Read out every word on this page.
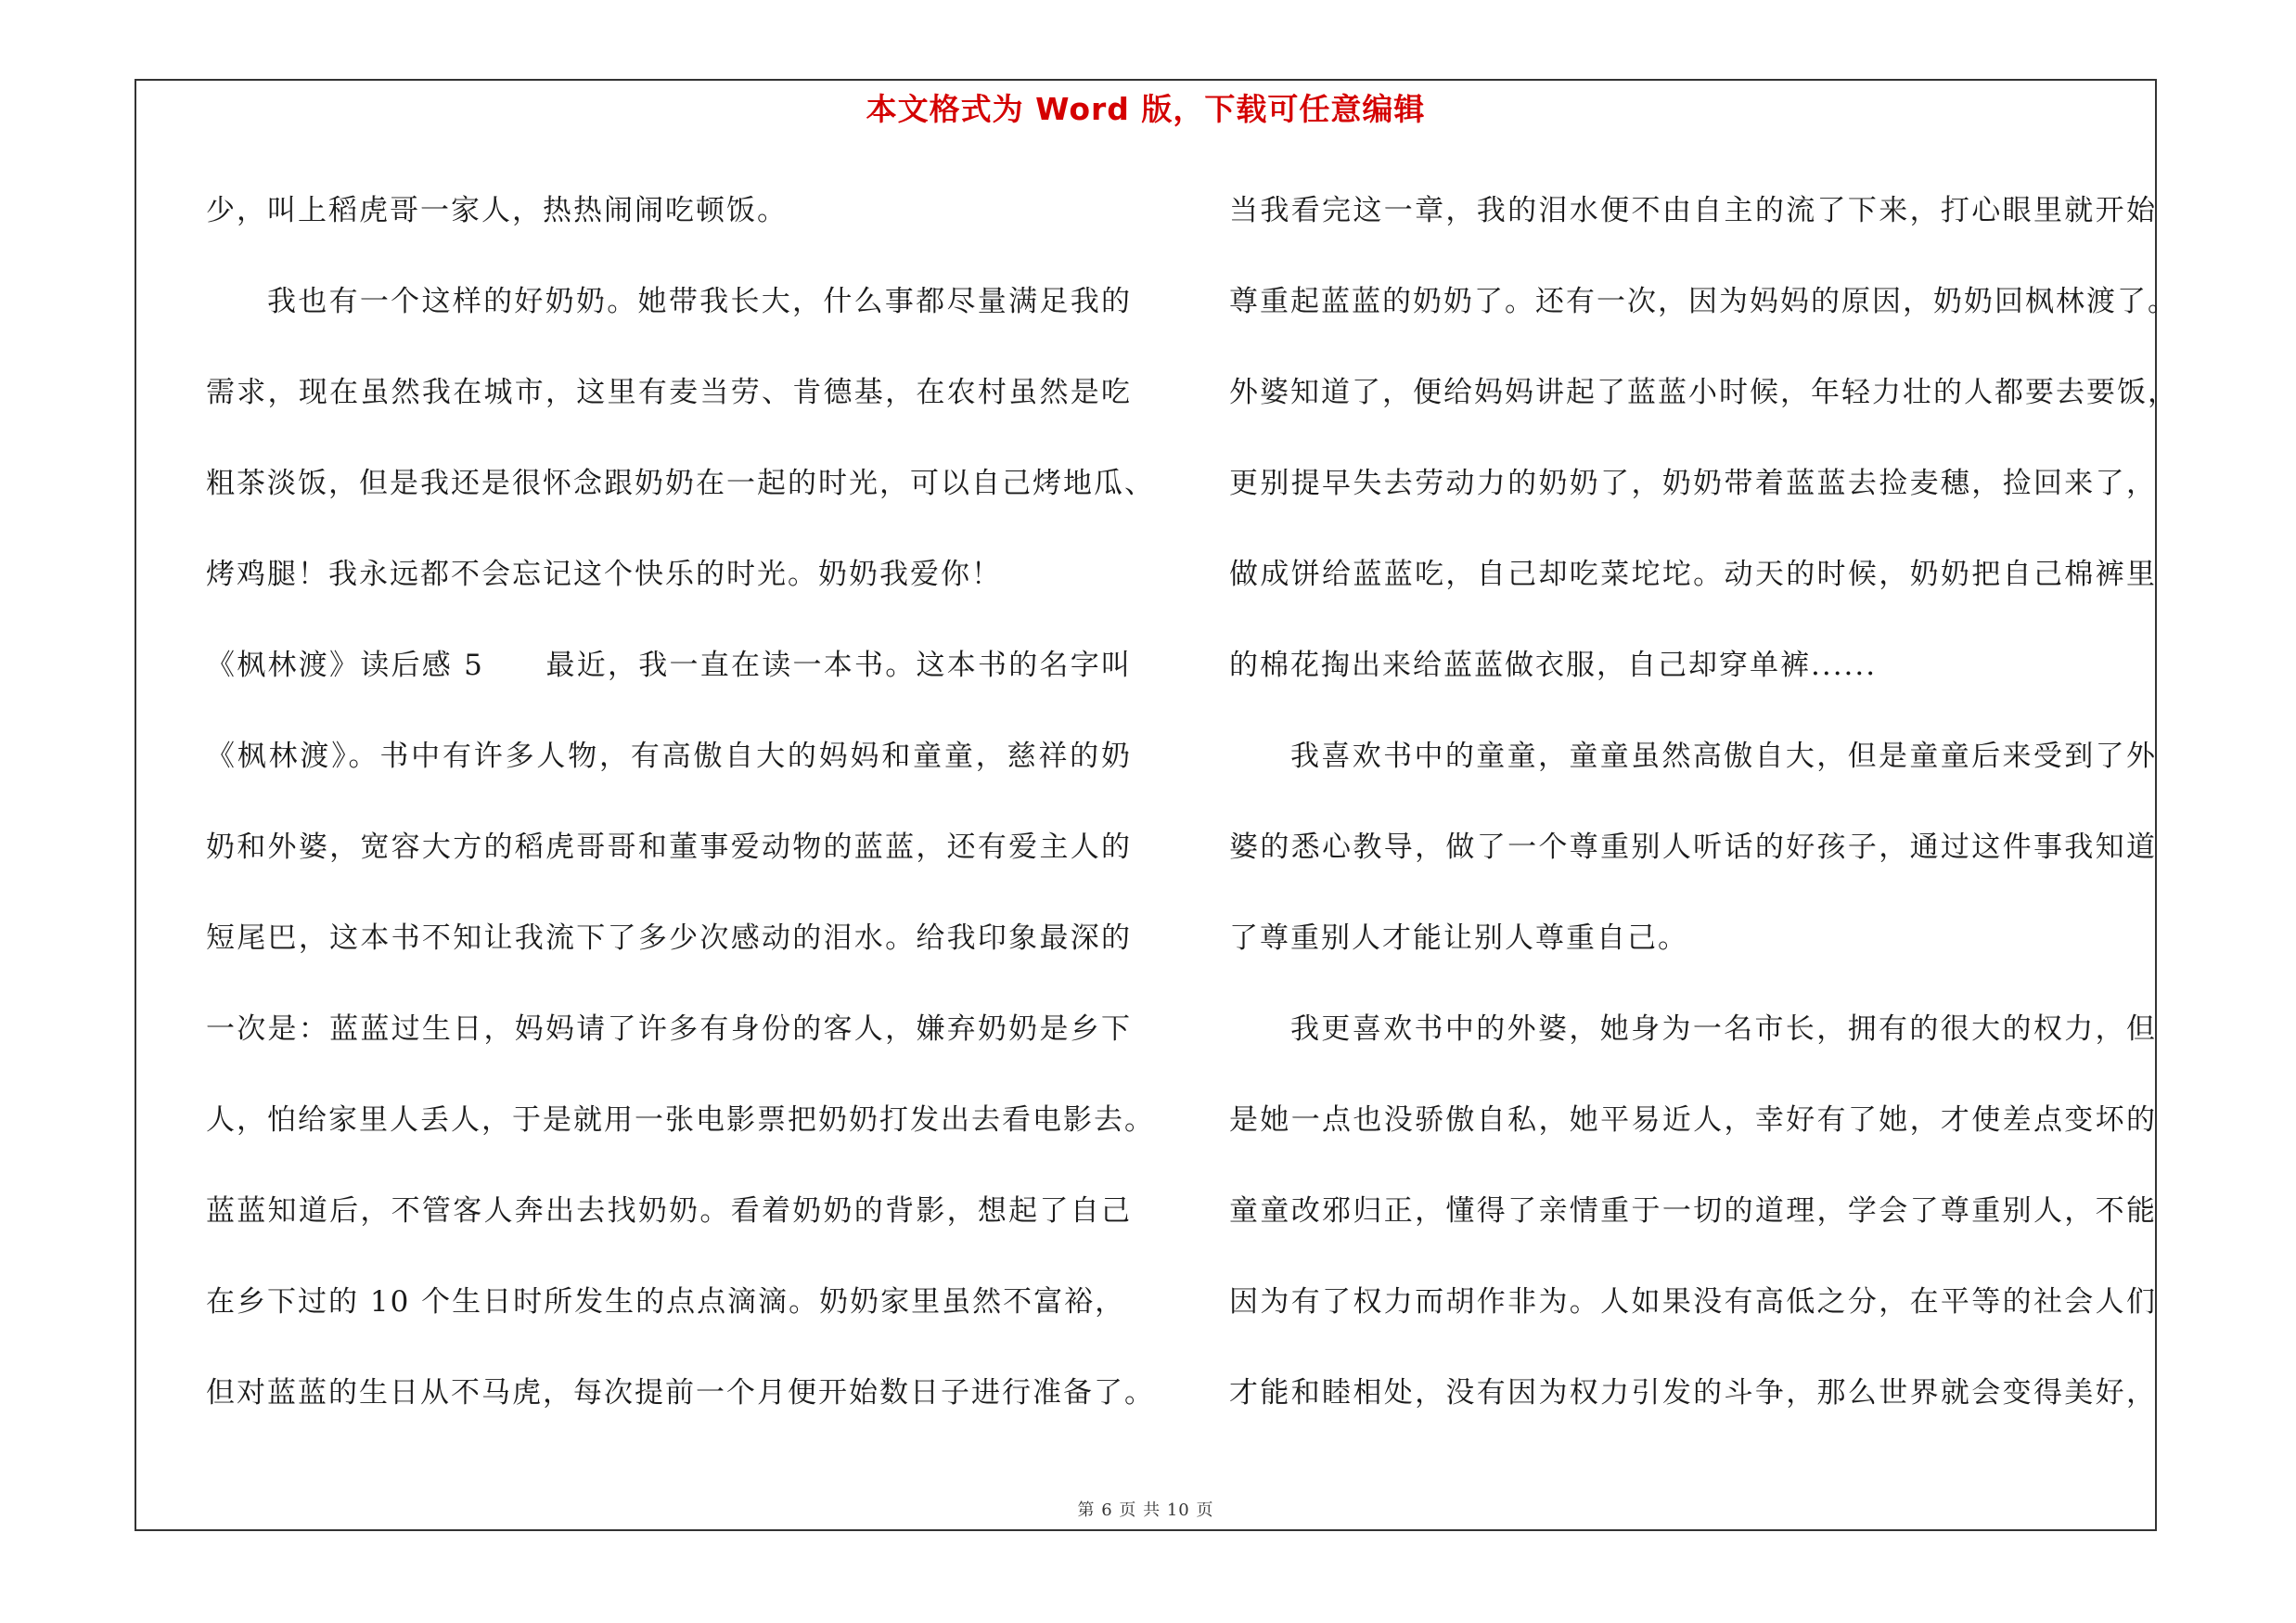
本文格式为 Word 版，下载可任意编辑
少，叫上稻虎哥一家人，热热闹闹吃顿饭。
我也有一个这样的好奶奶。她带我长大，什么事都尽量满足我的
需求，现在虽然我在城市，这里有麦当劳、肯德基，在农村虽然是吃
粗茶淡饭，但是我还是很怀念跟奶奶在一起的时光，可以自己烤地瓜、
烤鸡腿！我永远都不会忘记这个快乐的时光。奶奶我爱你！
《枫林渡》读后感 5　　最近，我一直在读一本书。这本书的名字叫
《枫林渡》。书中有许多人物，有高傲自大的妈妈和童童，慈祥的奶
奶和外婆，宽容大方的稻虎哥哥和董事爱动物的蓝蓝，还有爱主人的
短尾巴，这本书不知让我流下了多少次感动的泪水。给我印象最深的
一次是：蓝蓝过生日，妈妈请了许多有身份的客人，嫌弃奶奶是乡下
人，怕给家里人丢人，于是就用一张电影票把奶奶打发出去看电影去。
蓝蓝知道后，不管客人奔出去找奶奶。看着奶奶的背影，想起了自己
在乡下过的 10 个生日时所发生的点点滴滴。奶奶家里虽然不富裕，
但对蓝蓝的生日从不马虎，每次提前一个月便开始数日子进行准备了。
当我看完这一章，我的泪水便不由自主的流了下来，打心眼里就开始
尊重起蓝蓝的奶奶了。还有一次，因为妈妈的原因，奶奶回枫林渡了。
外婆知道了，便给妈妈讲起了蓝蓝小时候，年轻力壮的人都要去要饭，
更别提早失去劳动力的奶奶了，奶奶带着蓝蓝去捡麦穗，捡回来了，
做成饼给蓝蓝吃，自己却吃菜坨坨。动天的时候，奶奶把自己棉裤里
的棉花掏出来给蓝蓝做衣服，自己却穿单裤......
我喜欢书中的童童，童童虽然高傲自大，但是童童后来受到了外
婆的悉心教导，做了一个尊重别人听话的好孩子，通过这件事我知道
了尊重别人才能让别人尊重自己。
我更喜欢书中的外婆，她身为一名市长，拥有的很大的权力，但
是她一点也没骄傲自私，她平易近人，幸好有了她，才使差点变坏的
童童改邪归正，懂得了亲情重于一切的道理，学会了尊重别人，不能
因为有了权力而胡作非为。人如果没有高低之分，在平等的社会人们
才能和睦相处，没有因为权力引发的斗争，那么世界就会变得美好，
第 6 页 共 10 页
